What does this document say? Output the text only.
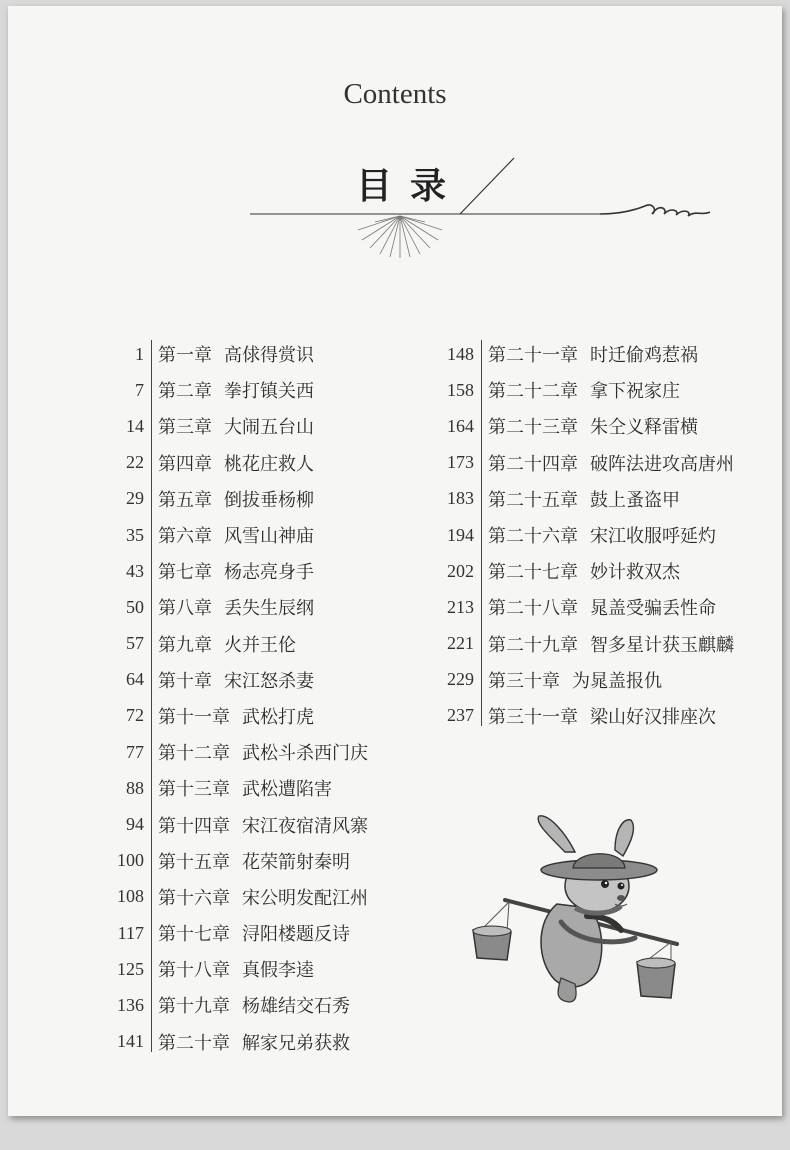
Contents
目录
1 第一章 高俅得赏识
7 第二章 拳打镇关西
14 第三章 大闹五台山
22 第四章 桃花庄救人
29 第五章 倒拔垂杨柳
35 第六章 风雪山神庙
43 第七章 杨志亮身手
50 第八章 丢失生辰纲
57 第九章 火并王伦
64 第十章 宋江怒杀妻
72 第十一章 武松打虎
77 第十二章 武松斗杀西门庆
88 第十三章 武松遭陷害
94 第十四章 宋江夜宿清风寨
100 第十五章 花荣箭射秦明
108 第十六章 宋公明发配江州
117 第十七章 浔阳楼题反诗
125 第十八章 真假李逵
136 第十九章 杨雄结交石秀
141 第二十章 解家兄弟获救
148 第二十一章 时迁偷鸡惹祸
158 第二十二章 拿下祝家庄
164 第二十三章 朱仝义释雷横
173 第二十四章 破阵法进攻高唐州
183 第二十五章 鼓上蚤盗甲
194 第二十六章 宋江收服呼延灼
202 第二十七章 妙计救双杰
213 第二十八章 晁盖受骗丢性命
221 第二十九章 智多星计获玉麒麟
229 第三十章 为晁盖报仇
237 第三十一章 梁山好汉排座次
